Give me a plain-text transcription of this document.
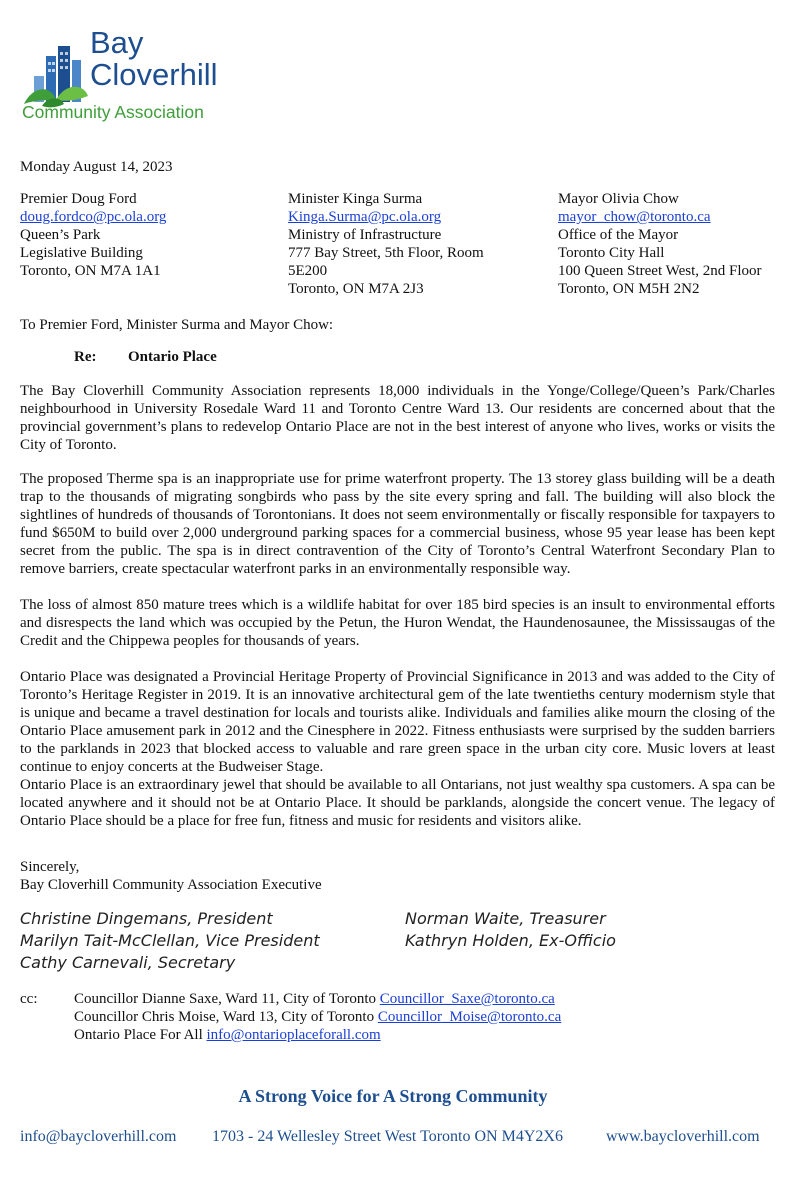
Bay
Cloverhill
Community Association
Monday August 14, 2023
Premier Doug Ford
doug.fordco@pc.ola.org
Queen’s Park
Legislative Building
Toronto, ON M7A 1A1
Minister Kinga Surma
Kinga.Surma@pc.ola.org
Ministry of Infrastructure
777 Bay Street, 5th Floor, Room
5E200
Toronto, ON M7A 2J3
Mayor Olivia Chow
mayor_chow@toronto.ca
Office of the Mayor
Toronto City Hall
100 Queen Street West, 2nd Floor
Toronto, ON M5H 2N2
To Premier Ford, Minister Surma and Mayor Chow:
Re: Ontario Place
The Bay Cloverhill Community Association represents 18,000 individuals in the Yonge/College/Queen’s Park/Charles neighbourhood in University Rosedale Ward 11 and Toronto Centre Ward 13. Our residents are concerned about that the provincial government’s plans to redevelop Ontario Place are not in the best interest of anyone who lives, works or visits the City of Toronto.
The proposed Therme spa is an inappropriate use for prime waterfront property. The 13 storey glass building will be a death trap to the thousands of migrating songbirds who pass by the site every spring and fall. The building will also block the sightlines of hundreds of thousands of Torontonians. It does not seem environmentally or fiscally responsible for taxpayers to fund $650M to build over 2,000 underground parking spaces for a commercial business, whose 95 year lease has been kept secret from the public. The spa is in direct contravention of the City of Toronto’s Central Waterfront Secondary Plan to remove barriers, create spectacular waterfront parks in an environmentally responsible way.
The loss of almost 850 mature trees which is a wildlife habitat for over 185 bird species is an insult to environmental efforts and disrespects the land which was occupied by the Petun, the Huron Wendat, the Haundenosaunee, the Mississaugas of the Credit and the Chippewa peoples for thousands of years.
Ontario Place was designated a Provincial Heritage Property of Provincial Significance in 2013 and was added to the City of Toronto’s Heritage Register in 2019. It is an innovative architectural gem of the late twentieths century modernism style that is unique and became a travel destination for locals and tourists alike. Individuals and families alike mourn the closing of the Ontario Place amusement park in 2012 and the Cinesphere in 2022. Fitness enthusiasts were surprised by the sudden barriers to the parklands in 2023 that blocked access to valuable and rare green space in the urban city core. Music lovers at least continue to enjoy concerts at the Budweiser Stage.
Ontario Place is an extraordinary jewel that should be available to all Ontarians, not just wealthy spa customers. A spa can be located anywhere and it should not be at Ontario Place. It should be parklands, alongside the concert venue. The legacy of Ontario Place should be a place for free fun, fitness and music for residents and visitors alike.
Sincerely,
Bay Cloverhill Community Association Executive
Christine Dingemans, President
Marilyn Tait-McClellan, Vice President
Cathy Carnevali, Secretary
Norman Waite, Treasurer
Kathryn Holden, Ex-Officio
cc: Councillor Dianne Saxe, Ward 11, City of Toronto Councillor_Saxe@toronto.ca
Councillor Chris Moise, Ward 13, City of Toronto Councillor_Moise@toronto.ca
Ontario Place For All info@ontarioplaceforall.com
A Strong Voice for A Strong Community
info@baycloverhill.com 1703 - 24 Wellesley Street West Toronto ON M4Y2X6	www.baycloverhill.com
